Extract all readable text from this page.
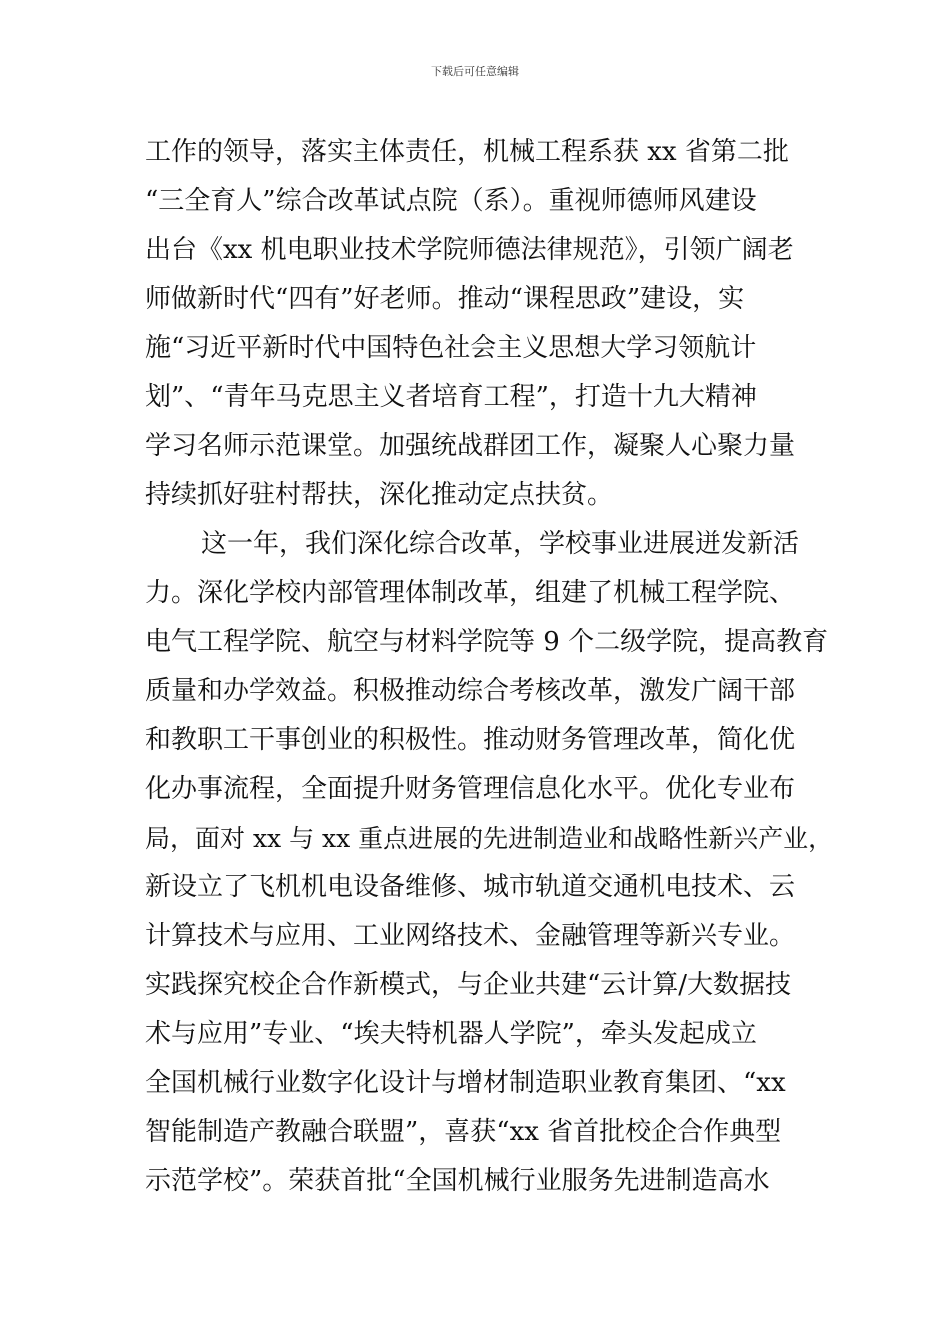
下载后可任意编辑
工作的领导，落实主体责任，机械工程系获 xx 省第二批
“三全育人”综合改革试点院（系）。重视师德师风建设
出台《xx 机电职业技术学院师德法律规范》，引领广阔老
师做新时代“四有”好老师。推动“课程思政”建设，实
施“习近平新时代中国特色社会主义思想大学习领航计
划”、“青年马克思主义者培育工程”，打造十九大精神
学习名师示范课堂。加强统战群团工作，凝聚人心聚力量
持续抓好驻村帮扶，深化推动定点扶贫。
这一年，我们深化综合改革，学校事业进展迸发新活
力。深化学校内部管理体制改革，组建了机械工程学院、
电气工程学院、航空与材料学院等 9 个二级学院，提高教育
质量和办学效益。积极推动综合考核改革，激发广阔干部
和教职工干事创业的积极性。推动财务管理改革，简化优
化办事流程，全面提升财务管理信息化水平。优化专业布
局，面对 xx 与 xx 重点进展的先进制造业和战略性新兴产业，
新设立了飞机机电设备维修、城市轨道交通机电技术、云
计算技术与应用、工业网络技术、金融管理等新兴专业。
实践探究校企合作新模式，与企业共建“云计算/大数据技
术与应用”专业、“埃夫特机器人学院”，牵头发起成立
全国机械行业数字化设计与增材制造职业教育集团、“xx
智能制造产教融合联盟”，喜获“xx 省首批校企合作典型
示范学校”。荣获首批“全国机械行业服务先进制造高水
